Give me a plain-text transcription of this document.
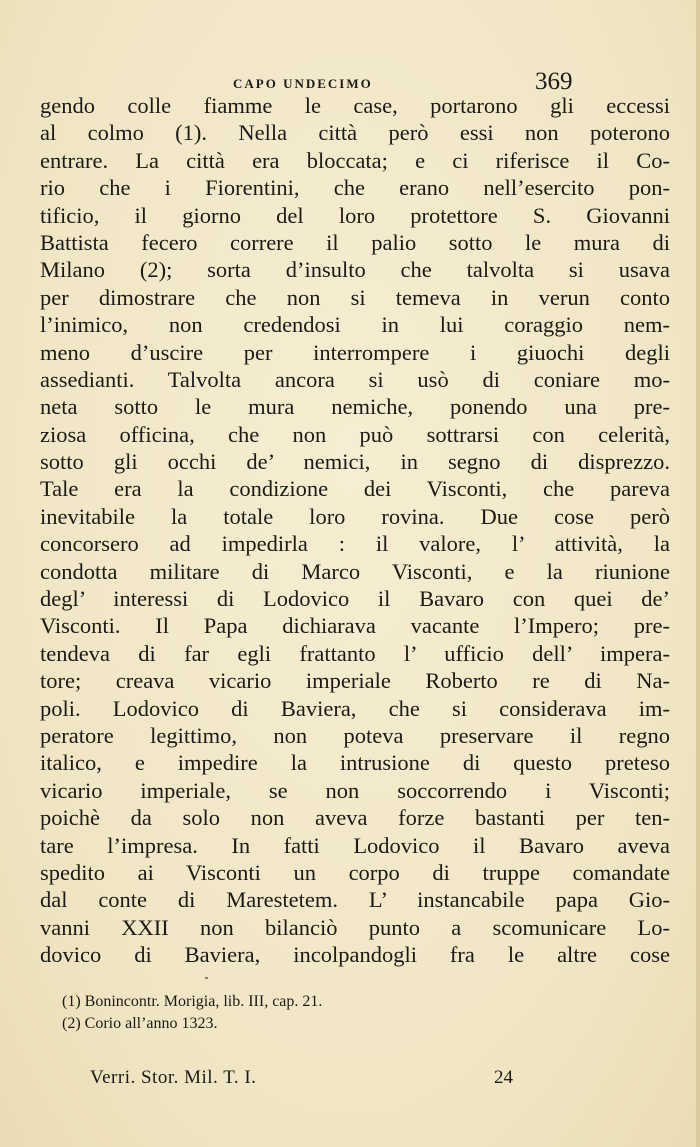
CAPO UNDECIMO	369
gendo colle fiamme le case, portarono gli eccessi
al colmo (1). Nella città però essi non poterono
entrare. La città era bloccata; e ci riferisce il Co-
rio che i Fiorentini, che erano nell’esercito pon-
tificio, il giorno del loro protettore S. Giovanni
Battista fecero correre il palio sotto le mura di
Milano (2); sorta d’insulto che talvolta si usava
per dimostrare che non si temeva in verun conto
l’inimico, non credendosi in lui coraggio nem-
meno d’uscire per interrompere i giuochi degli
assedianti. Talvolta ancora si usò di coniare mo-
neta sotto le mura nemiche, ponendo una pre-
ziosa officina, che non può sottrarsi con celerità,
sotto gli occhi de’ nemici, in segno di disprezzo.
Tale era la condizione dei Visconti, che pareva
inevitabile la totale loro rovina. Due cose però
concorsero ad impedirla : il valore, l’ attività, la
condotta militare di Marco Visconti, e la riunione
degl’ interessi di Lodovico il Bavaro con quei de’
Visconti. Il Papa dichiarava vacante l’Impero; pre-
tendeva di far egli frattanto l’ ufficio dell’ impera-
tore; creava vicario imperiale Roberto re di Na-
poli. Lodovico di Baviera, che si considerava im-
peratore legittimo, non poteva preservare il regno
italico, e impedire la intrusione di questo preteso
vicario imperiale, se non soccorrendo i Visconti;
poichè da solo non aveva forze bastanti per ten-
tare l’impresa. In fatti Lodovico il Bavaro aveva
spedito ai Visconti un corpo di truppe comandate
dal conte di Marestetem. L’ instancabile papa Gio-
vanni XXII non bilanciò punto a scomunicare Lo-
dovico di Baviera, incolpandogli fra le altre cose
(1) Bonincontr. Morigia, lib. III, cap. 21.
(2) Corio all’anno 1323.
Verri. Stor. Mil. T. I.	24
